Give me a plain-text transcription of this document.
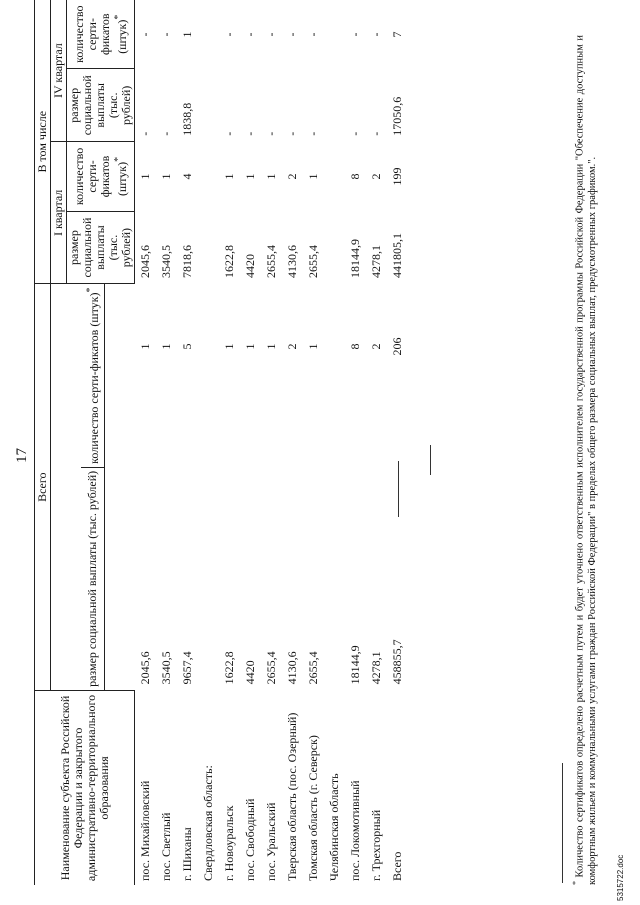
17
Наименование субъекта Российской Федерации и закрытого административно-территориального образования	Всего	В том числе

размер социальной выплаты (тыс. рублей)	количество серти-фикатов (штук)*
	I квартал	IV квартал
размер социальной выплаты (тыс. рублей)	количество серти-фикатов (штук)*	размер социальной выплаты (тыс. рублей)	количество серти-фикатов (штук)*
пос. Михайловский	2045,6	1	2045,6	1	-	-
пос. Светлый	3540,5	1	3540,5	1	-	-
г. Шиханы	9657,4	5	7818,6	4	1838,8	1
Свердловская область:						
г. Новоуральск	1622,8	1	1622,8	1	-	-
пос. Свободный	4420	1	4420	1	-	-
пос. Уральский	2655,4	1	2655,4	1	-	-
Тверская область (пос. Озерный)	4130,6	2	4130,6	2	-	-
Томская область (г. Северск)	2655,4	1	2655,4	1	-	-
Челябинская область						
пос. Локомотивный	18144,9	8	18144,9	8	-	-
г. Трехгорный	4278,1	2	4278,1	2	-	-
Всего	458855,7	206	441805,1	199	17050,6	7
* Количество сертификатов определено расчетным путем и будет уточнено ответственным исполнителем государственной программы Российской Федерации "Обеспечение доступным и комфортным жильем и коммунальными услугами граждан Российской Федерации" в пределах общего размера социальных выплат, предусмотренных графиком.". 5315722.doc
